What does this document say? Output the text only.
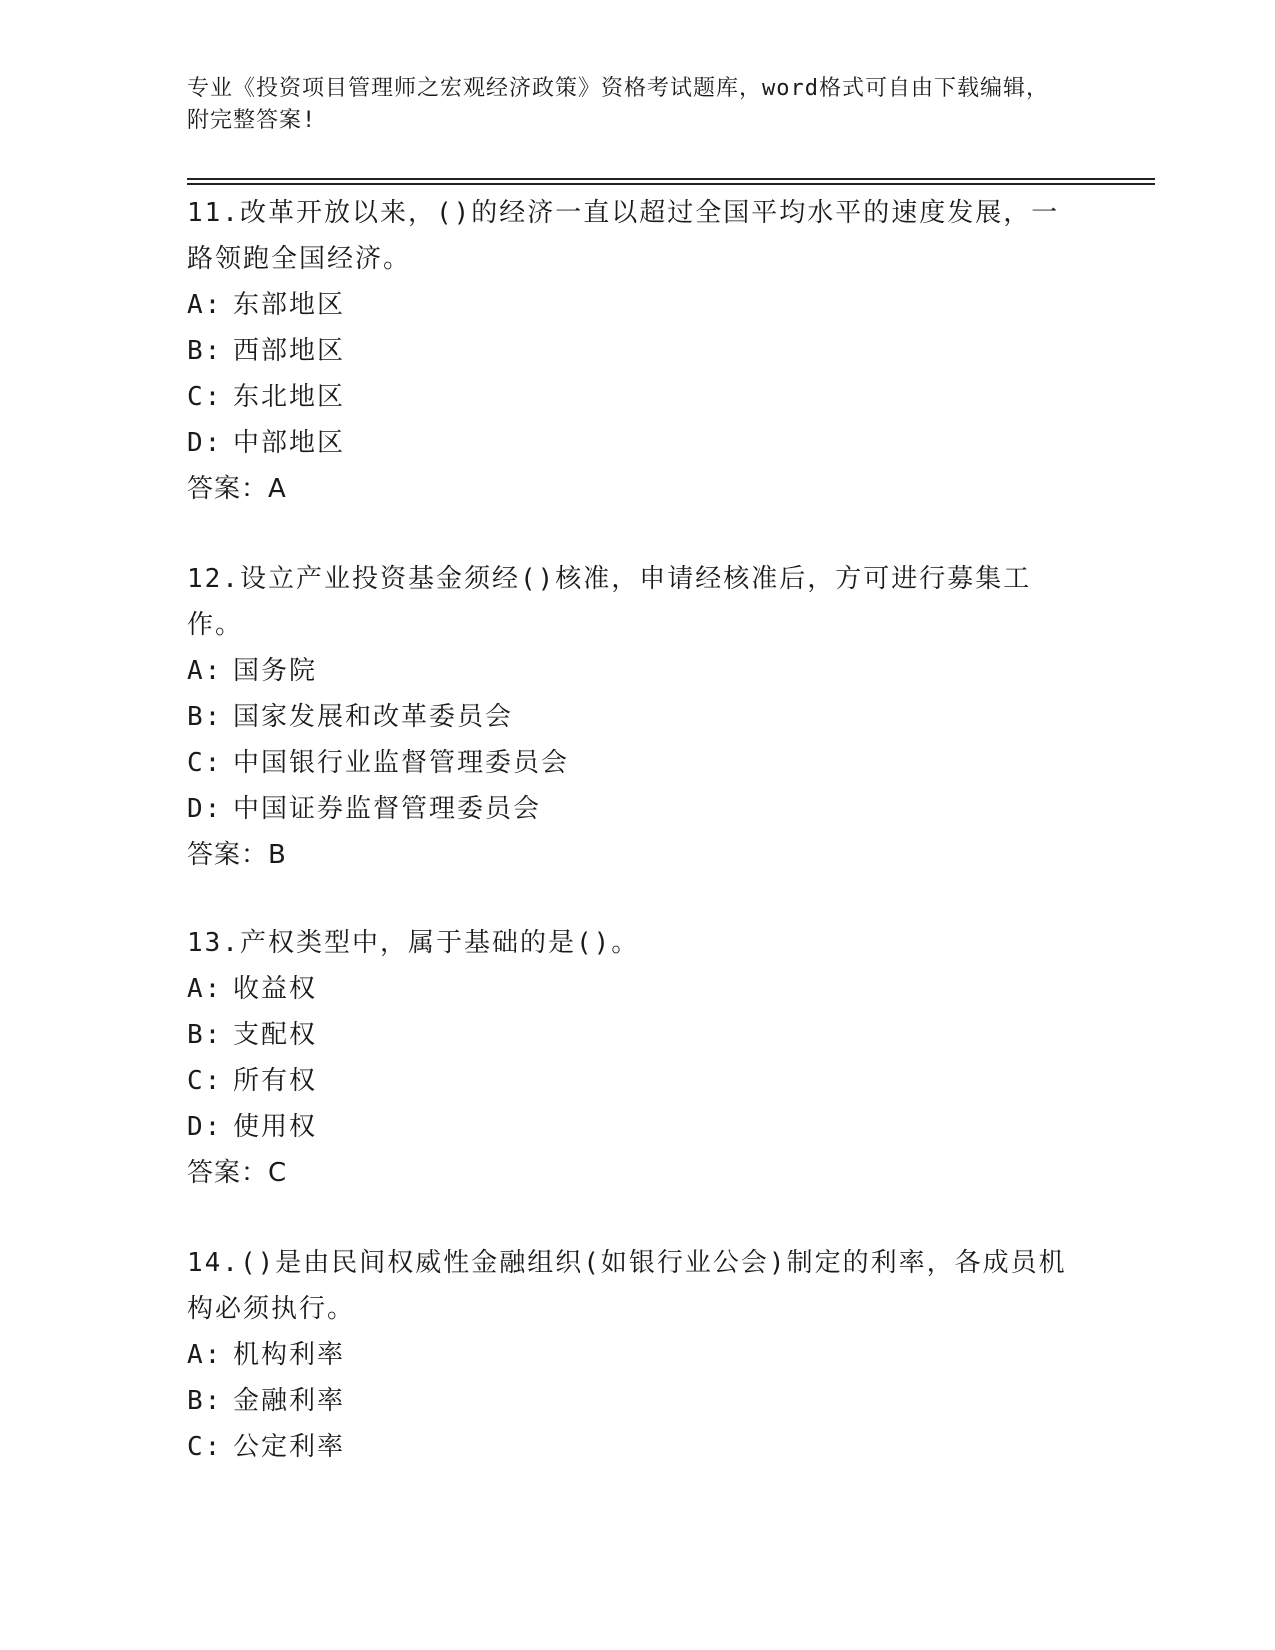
专业《投资项目管理师之宏观经济政策》资格考试题库，word格式可自由下载编辑，附完整答案!

11.改革开放以来，()的经济一直以超过全国平均水平的速度发展，一路领跑全国经济。

A: 东部地区

B: 西部地区

C: 东北地区

D: 中部地区

答案：A

12.设立产业投资基金须经()核准，申请经核准后，方可进行募集工作。

A: 国务院

B: 国家发展和改革委员会

C: 中国银行业监督管理委员会

D: 中国证券监督管理委员会

答案：B

13.产权类型中，属于基础的是()。

A: 收益权

B: 支配权

C: 所有权

D: 使用权

答案：C

14.()是由民间权威性金融组织(如银行业公会)制定的利率，各成员机构必须执行。

A: 机构利率

B: 金融利率

C: 公定利率
